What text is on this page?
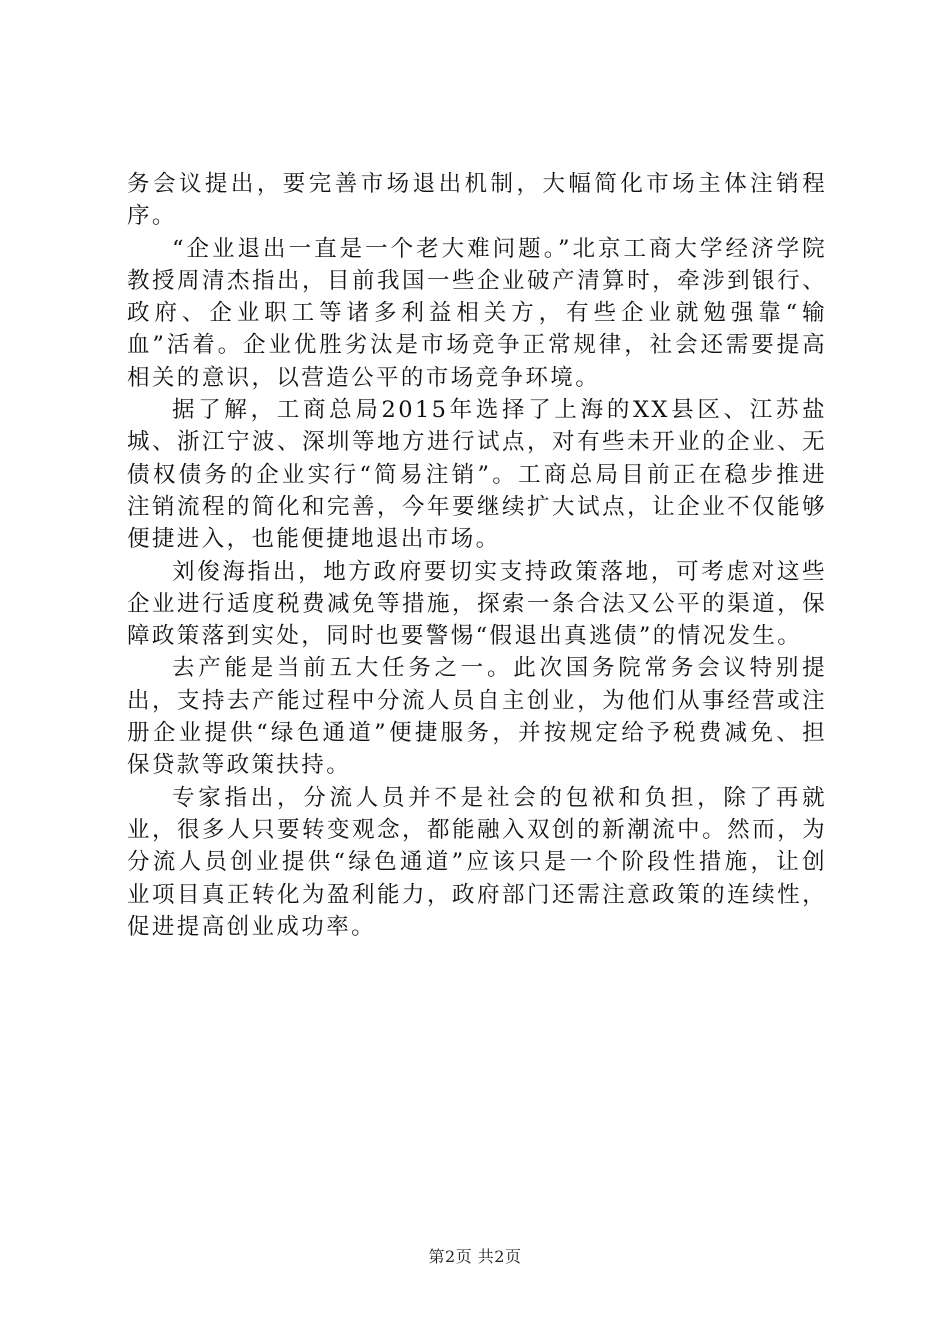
务会议提出，要完善市场退出机制，大幅简化市场主体注销程序。

“企业退出一直是一个老大难问题。”北京工商大学经济学院教授周清杰指出，目前我国一些企业破产清算时，牵涉到银行、政府、企业职工等诸多利益相关方，有些企业就勉强靠“输血”活着。企业优胜劣汰是市场竞争正常规律，社会还需要提高相关的意识，以营造公平的市场竞争环境。

据了解，工商总局2015年选择了上海的XX县区、江苏盐城、浙江宁波、深圳等地方进行试点，对有些未开业的企业、无债权债务的企业实行“简易注销”。工商总局目前正在稳步推进注销流程的简化和完善，今年要继续扩大试点，让企业不仅能够便捷进入，也能便捷地退出市场。

刘俊海指出，地方政府要切实支持政策落地，可考虑对这些企业进行适度税费减免等措施，探索一条合法又公平的渠道，保障政策落到实处，同时也要警惕“假退出真逃债”的情况发生。

去产能是当前五大任务之一。此次国务院常务会议特别提出，支持去产能过程中分流人员自主创业，为他们从事经营或注册企业提供“绿色通道”便捷服务，并按规定给予税费减免、担保贷款等政策扶持。

专家指出，分流人员并不是社会的包袱和负担，除了再就业，很多人只要转变观念，都能融入双创的新潮流中。然而，为分流人员创业提供“绿色通道”应该只是一个阶段性措施，让创业项目真正转化为盈利能力，政府部门还需注意政策的连续性，促进提高创业成功率。

第2页 共2页
